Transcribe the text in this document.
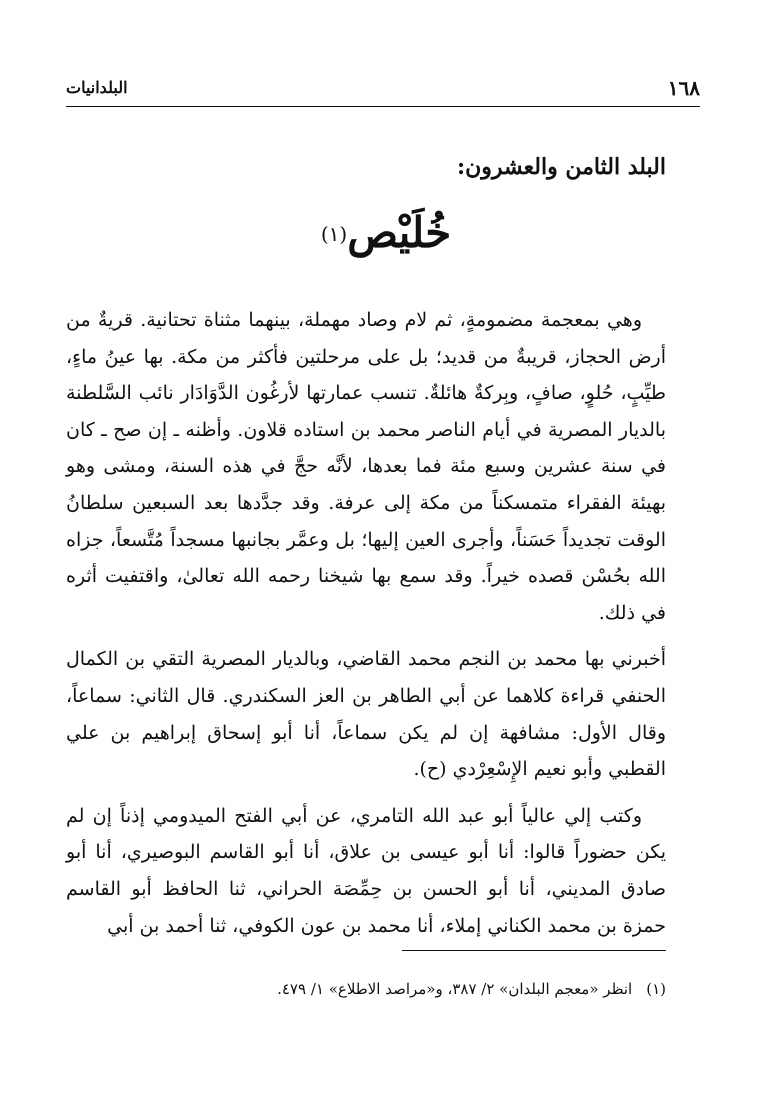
البلدانيات	١٦٨
البلد الثامن والعشرون:
خُلَيْص(١)

وهي بمعجمة مضمومةٍ، ثم لام وصاد مهملة، بينهما مثناة تحتانية. قريةٌ من أرض الحجاز، قريبةٌ من قديد؛ بل على مرحلتين فأكثر من مكة. بها عينُ ماءٍ، طيِّبٍ، حُلوٍ، صافٍ، وبِركةٌ هائلةٌ. تنسب عمارتها لأرغُون الدَّوَادَار نائب السَّلطنة بالديار المصرية في أيام الناصر محمد بن استاده قلاون. وأظنه ـ إن صح ـ كان في سنة عشرين وسبع مئة فما بعدها، لأنَّه حجَّ في هذه السنة، ومشى وهو بهيئة الفقراء متمسكناً من مكة إلى عرفة. وقد جدَّدها بعد السبعين سلطانُ الوقت تجديداً حَسَناً، وأجرى العين إليها؛ بل وعمَّر بجانبها مسجداً مُتَّسعاً، جزاه الله بحُسْن قصده خيراً. وقد سمع بها شيخنا رحمه الله تعالىٰ، واقتفيت أثره في ذلك.

أخبرني بها محمد بن النجم محمد القاضي، وبالديار المصرية التقي بن الكمال الحنفي قراءة كلاهما عن أبي الطاهر بن العز السكندري. قال الثاني: سماعاً، وقال الأول: مشافهة إن لم يكن سماعاً، أنا أبو إسحاق إبراهيم بن علي القطبي وأبو نعيم الإِسْعِرْدي (ح).

وكتب إلي عالياً أبو عبد الله التامري، عن أبي الفتح الميدومي إذناً إن لم يكن حضوراً قالوا: أنا أبو عيسى بن علاق، أنا أبو القاسم البوصيري، أنا أبو صادق المديني، أنا أبو الحسن بن حِمِّصَة الحراني، ثنا الحافظ أبو القاسم حمزة بن محمد الكناني إملاء، أنا محمد بن عون الكوفي، ثنا أحمد بن أبي

(١)انظر «معجم البلدان» ٢/ ٣٨٧، و«مراصد الاطلاع» ١/ ٤٧٩.
